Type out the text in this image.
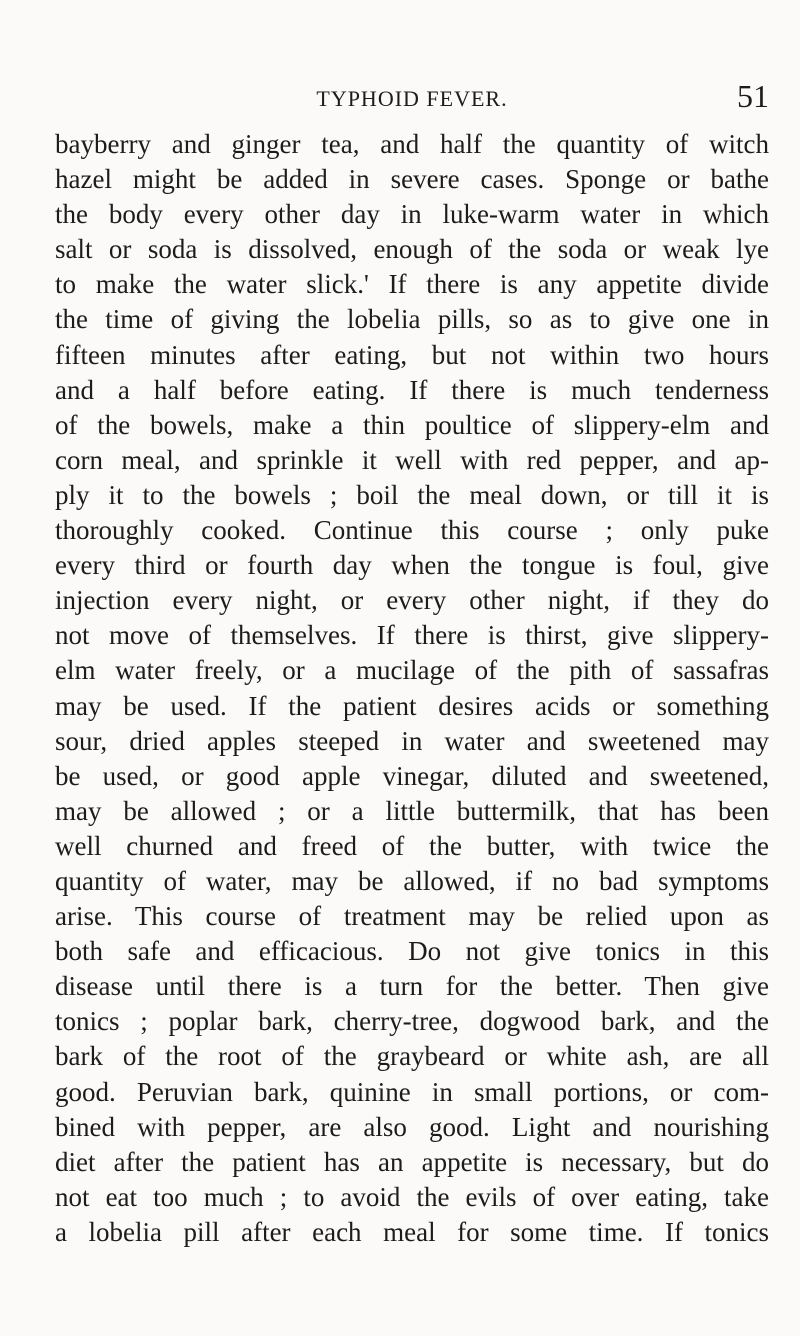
TYPHOID FEVER.	51
bayberry and ginger tea, and half the quantity of witch
hazel might be added in severe cases. Sponge or bathe
the body every other day in luke-warm water in which
salt or soda is dissolved, enough of the soda or weak lye
to make the water slick.' If there is any appetite divide
the time of giving the lobelia pills, so as to give one in
fifteen minutes after eating, but not within two hours
and a half before eating. If there is much tenderness
of the bowels, make a thin poultice of slippery-elm and
corn meal, and sprinkle it well with red pepper, and ap-
ply it to the bowels ; boil the meal down, or till it is
thoroughly cooked. Continue this course ; only puke
every third or fourth day when the tongue is foul, give
injection every night, or every other night, if they do
not move of themselves. If there is thirst, give slippery-
elm water freely, or a mucilage of the pith of sassafras
may be used. If the patient desires acids or something
sour, dried apples steeped in water and sweetened may
be used, or good apple vinegar, diluted and sweetened,
may be allowed ; or a little buttermilk, that has been
well churned and freed of the butter, with twice the
quantity of water, may be allowed, if no bad symptoms
arise. This course of treatment may be relied upon as
both safe and efficacious. Do not give tonics in this
disease until there is a turn for the better. Then give
tonics ; poplar bark, cherry-tree, dogwood bark, and the
bark of the root of the graybeard or white ash, are all
good. Peruvian bark, quinine in small portions, or com-
bined with pepper, are also good. Light and nourishing
diet after the patient has an appetite is necessary, but do
not eat too much ; to avoid the evils of over eating, take
a lobelia pill after each meal for some time. If tonics
